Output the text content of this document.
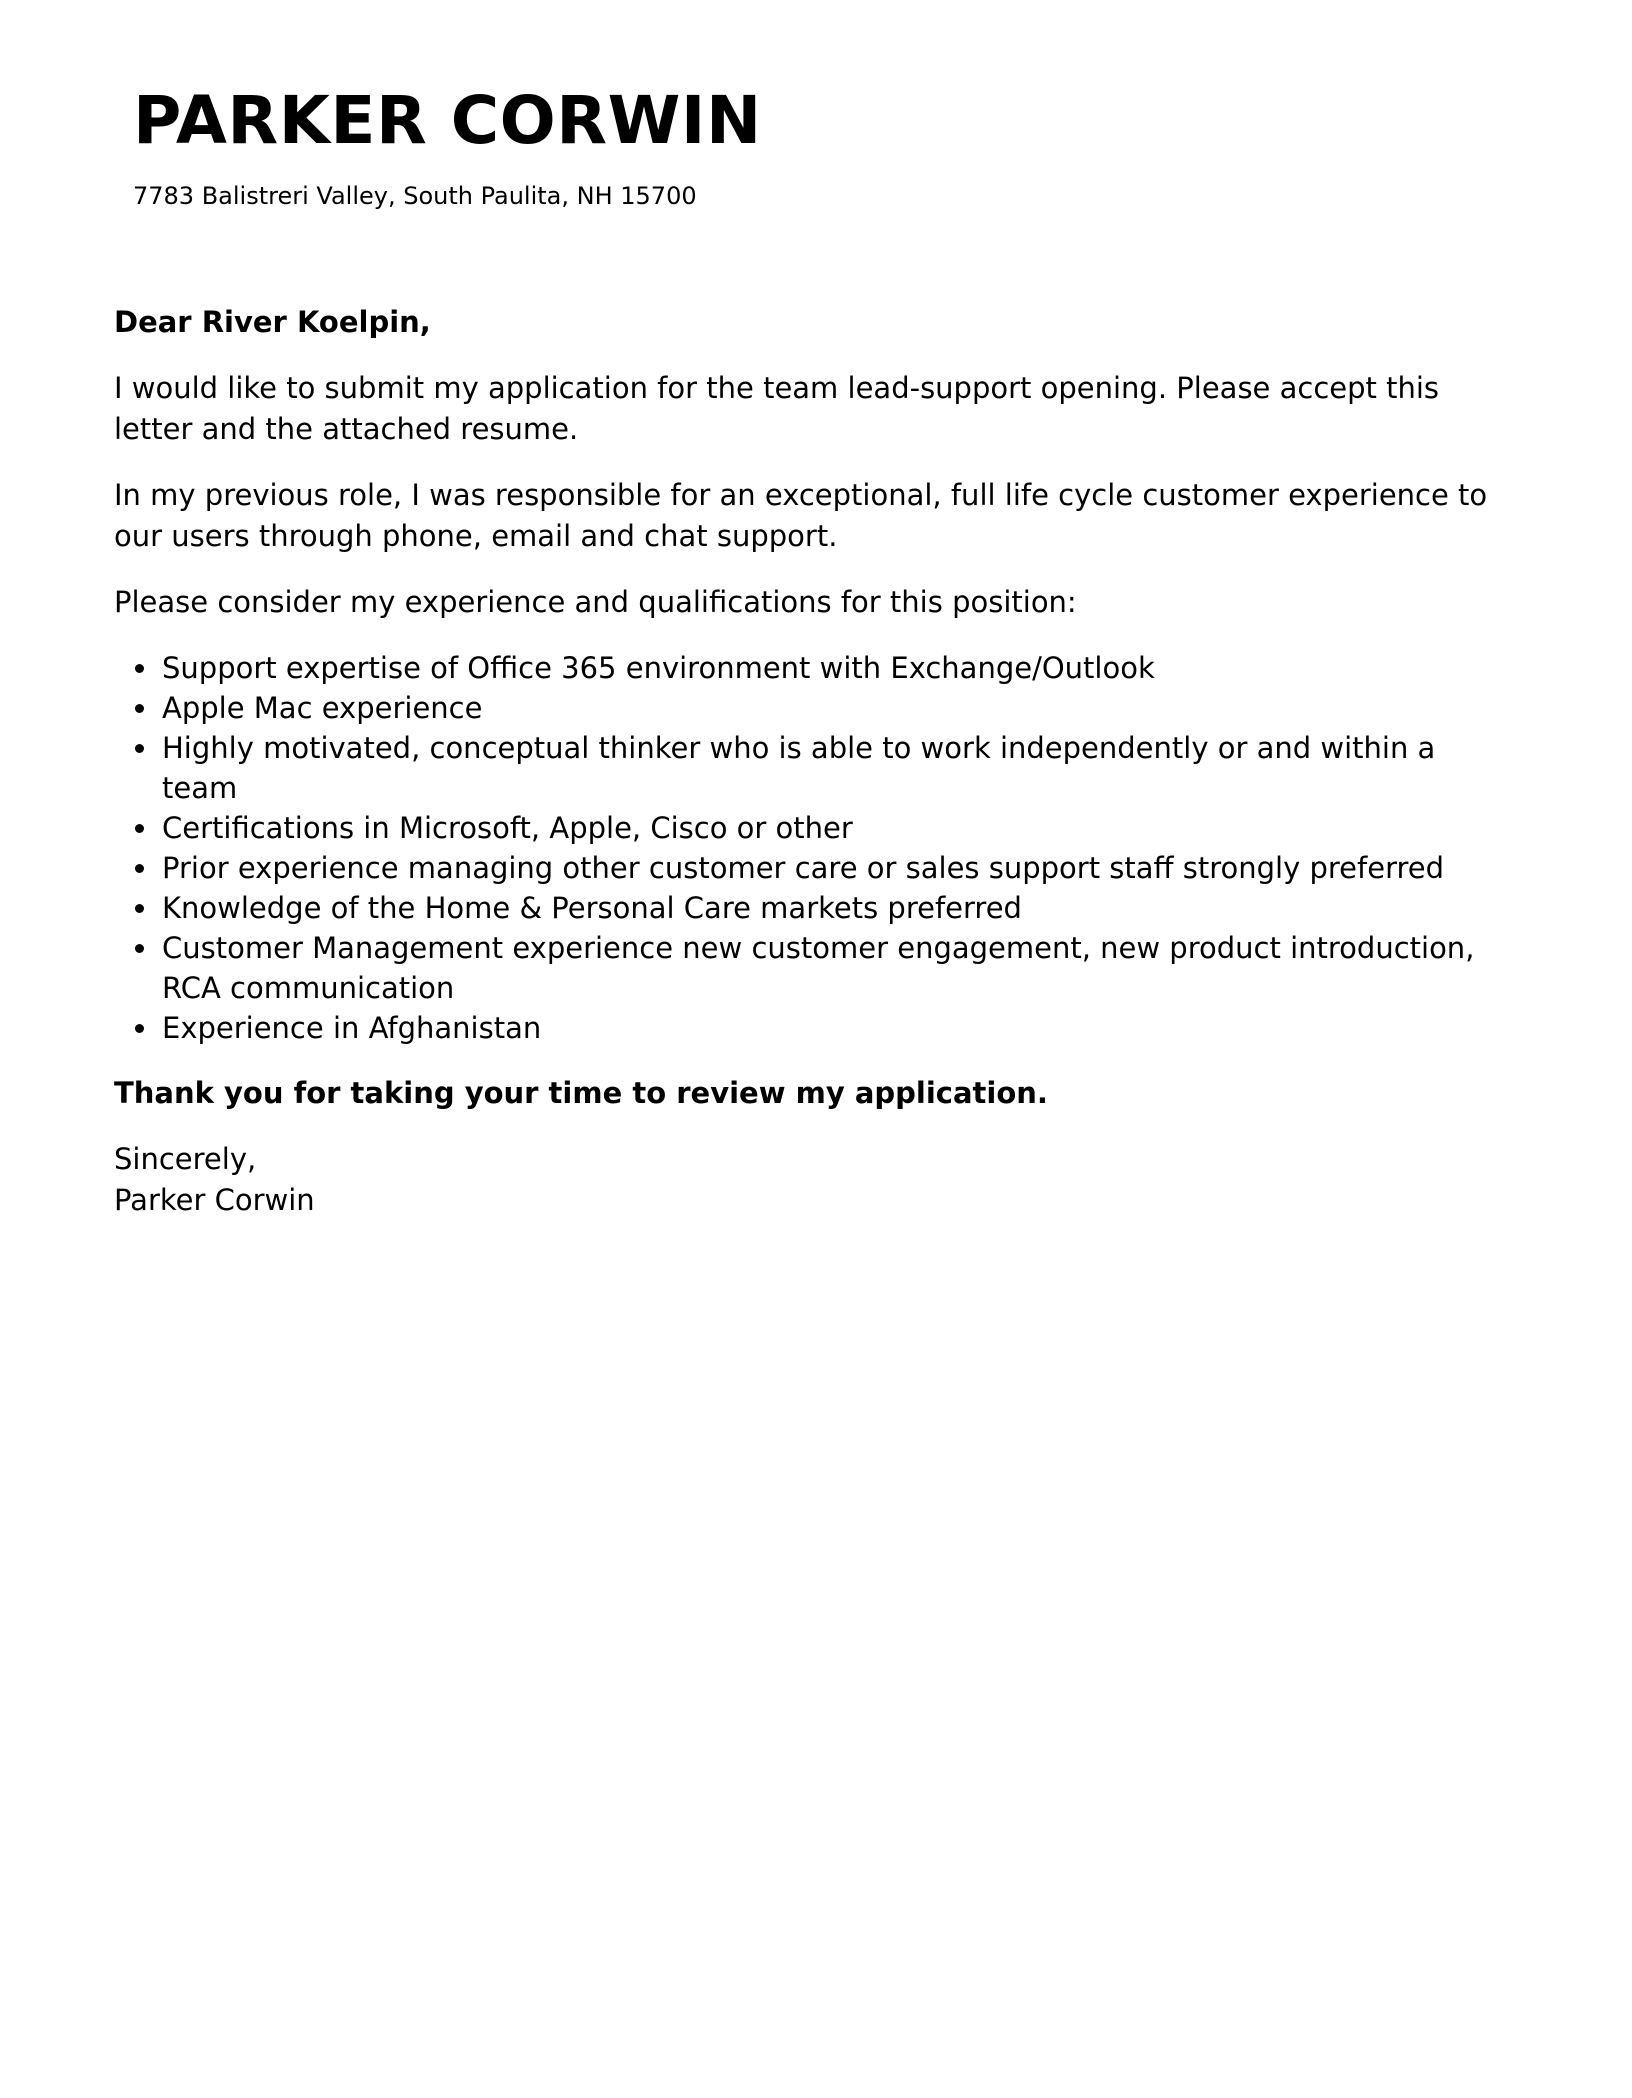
PARKER CORWIN

7783 Balistreri Valley, South Paulita, NH 15700

Dear River Koelpin,

I would like to submit my application for the team lead-support opening. Please accept this letter and the attached resume.

In my previous role, I was responsible for an exceptional, full life cycle customer experience to our users through phone, email and chat support.

Please consider my experience and qualifications for this position:

Support expertise of Office 365 environment with Exchange/Outlook
Apple Mac experience
Highly motivated, conceptual thinker who is able to work independently or and within a team
Certifications in Microsoft, Apple, Cisco or other
Prior experience managing other customer care or sales support staff strongly preferred
Knowledge of the Home & Personal Care markets preferred
Customer Management experience new customer engagement, new product introduction, RCA communication
Experience in Afghanistan

Thank you for taking your time to review my application.

Sincerely,

Parker Corwin
